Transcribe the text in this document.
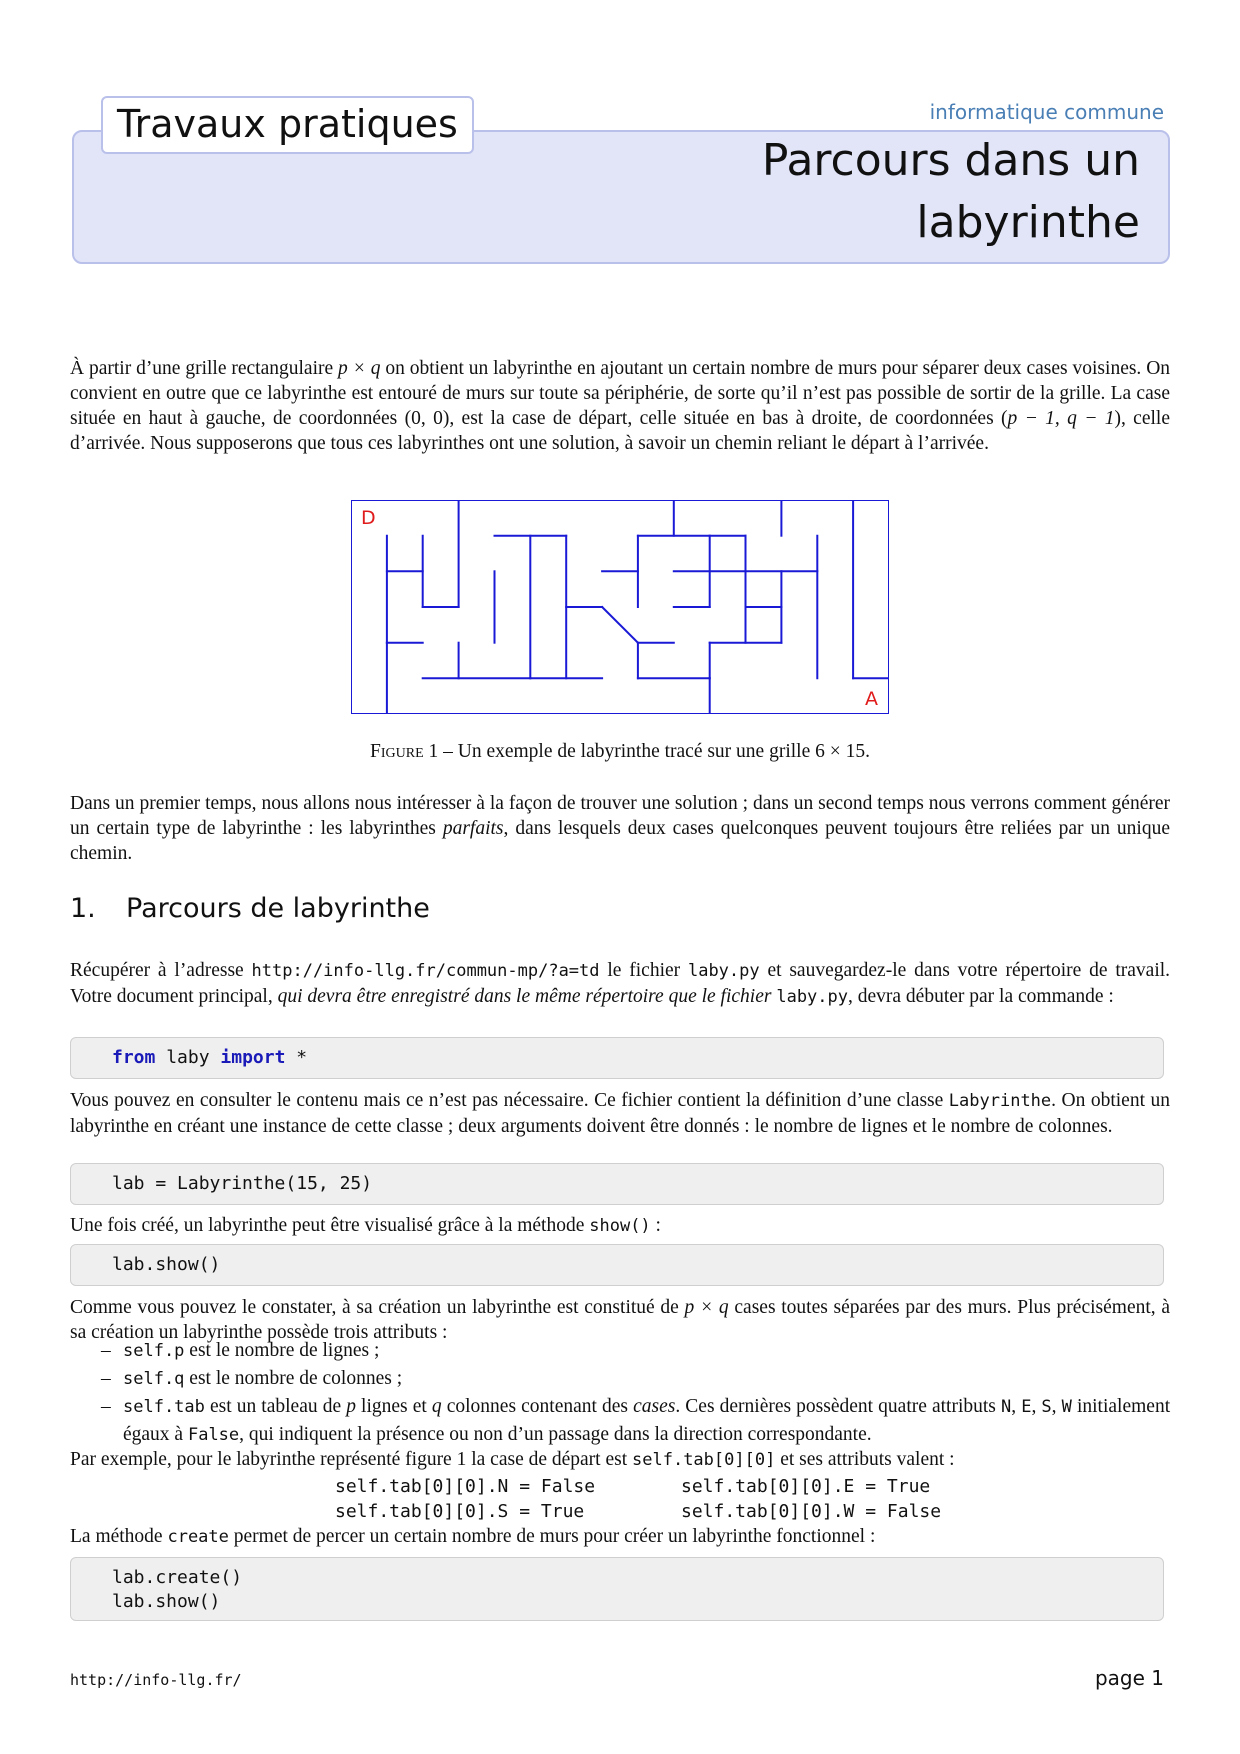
informatique commune
Travaux pratiques
Parcours dans un
labyrinthe
À partir d’une grille rectangulaire p × q on obtient un labyrinthe en ajoutant un certain nombre de murs pour séparer deux cases voisines. On convient en outre que ce labyrinthe est entouré de murs sur toute sa périphérie, de sorte qu’il n’est pas possible de sortir de la grille. La case située en haut à gauche, de coordonnées (0, 0), est la case de départ, celle située en bas à droite, de coordonnées (p − 1, q − 1), celle d’arrivée. Nous supposerons que tous ces labyrinthes ont une solution, à savoir un chemin reliant le départ à l’arrivée.
D
A
Figure 1 – Un exemple de labyrinthe tracé sur une grille 6 × 15.
Dans un premier temps, nous allons nous intéresser à la façon de trouver une solution ; dans un second temps nous verrons comment générer un certain type de labyrinthe : les labyrinthes parfaits, dans lesquels deux cases quelconques peuvent toujours être reliées par un unique chemin.
1. Parcours de labyrinthe
Récupérer à l’adresse http://info-llg.fr/commun-mp/?a=td le fichier laby.py et sauvegardez-le dans votre répertoire de travail. Votre document principal, qui devra être enregistré dans le même répertoire que le fichier laby.py, devra débuter par la commande :
from laby import *
Vous pouvez en consulter le contenu mais ce n’est pas nécessaire. Ce fichier contient la définition d’une classe Labyrinthe. On obtient un labyrinthe en créant une instance de cette classe ; deux arguments doivent être donnés : le nombre de lignes et le nombre de colonnes.
lab = Labyrinthe(15, 25)
Une fois créé, un labyrinthe peut être visualisé grâce à la méthode show() :
lab.show()
Comme vous pouvez le constater, à sa création un labyrinthe est constitué de p × q cases toutes séparées par des murs. Plus précisément, à sa création un labyrinthe possède trois attributs :
– self.p est le nombre de lignes ;
– self.q est le nombre de colonnes ;
– self.tab est un tableau de p lignes et q colonnes contenant des cases. Ces dernières possèdent quatre attributs N, E, S, W initialement égaux à False, qui indiquent la présence ou non d’un passage dans la direction correspondante.
Par exemple, pour le labyrinthe représenté figure 1 la case de départ est self.tab[0][0] et ses attributs valent :
self.tab[0][0].N = False	self.tab[0][0].E = True
self.tab[0][0].S = True	self.tab[0][0].W = False
La méthode create permet de percer un certain nombre de murs pour créer un labyrinthe fonctionnel :
lab.create()
lab.show()
http://info-llg.fr/	page 1
